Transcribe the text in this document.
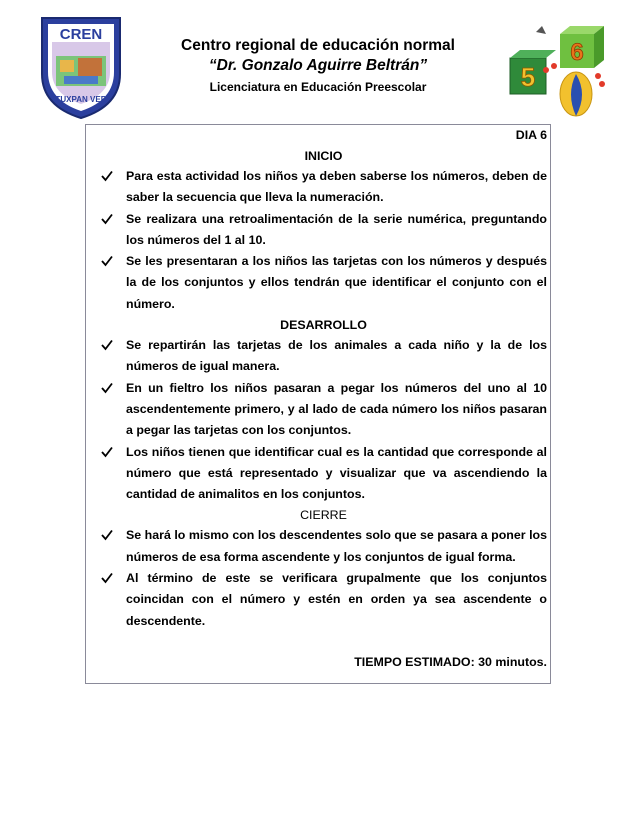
CREN
TUXPAN VER
Centro regional de educación normal
“Dr. Gonzalo Aguirre Beltrán”
Licenciatura en Educación Preescolar	5
6
DIA 6
INICIO
Para esta actividad los niños ya deben saberse los números, deben de saber la secuencia que lleva la numeración.
Se realizara una retroalimentación de la serie numérica, preguntando los números del 1 al 10.
Se les presentaran a los niños las tarjetas con los números y después la de los conjuntos y ellos tendrán que identificar el conjunto con el número.
DESARROLLO
Se repartirán las tarjetas de los animales a cada niño y la de los números de igual manera.
En un fieltro los niños pasaran a pegar los números del uno al 10 ascendentemente primero, y al lado de cada número los niños pasaran a pegar las tarjetas con los conjuntos.
Los niños tienen que identificar cual es la cantidad que corresponde al número que está representado y visualizar que va ascendiendo la cantidad de animalitos en los conjuntos.
CIERRE
Se hará lo mismo con los descendentes solo que se pasara a poner los números de esa forma ascendente y los conjuntos de igual forma.
Al término de este se verificara grupalmente que los conjuntos coincidan con el número y estén en orden ya sea ascendente o descendente.
TIEMPO ESTIMADO: 30 minutos.
